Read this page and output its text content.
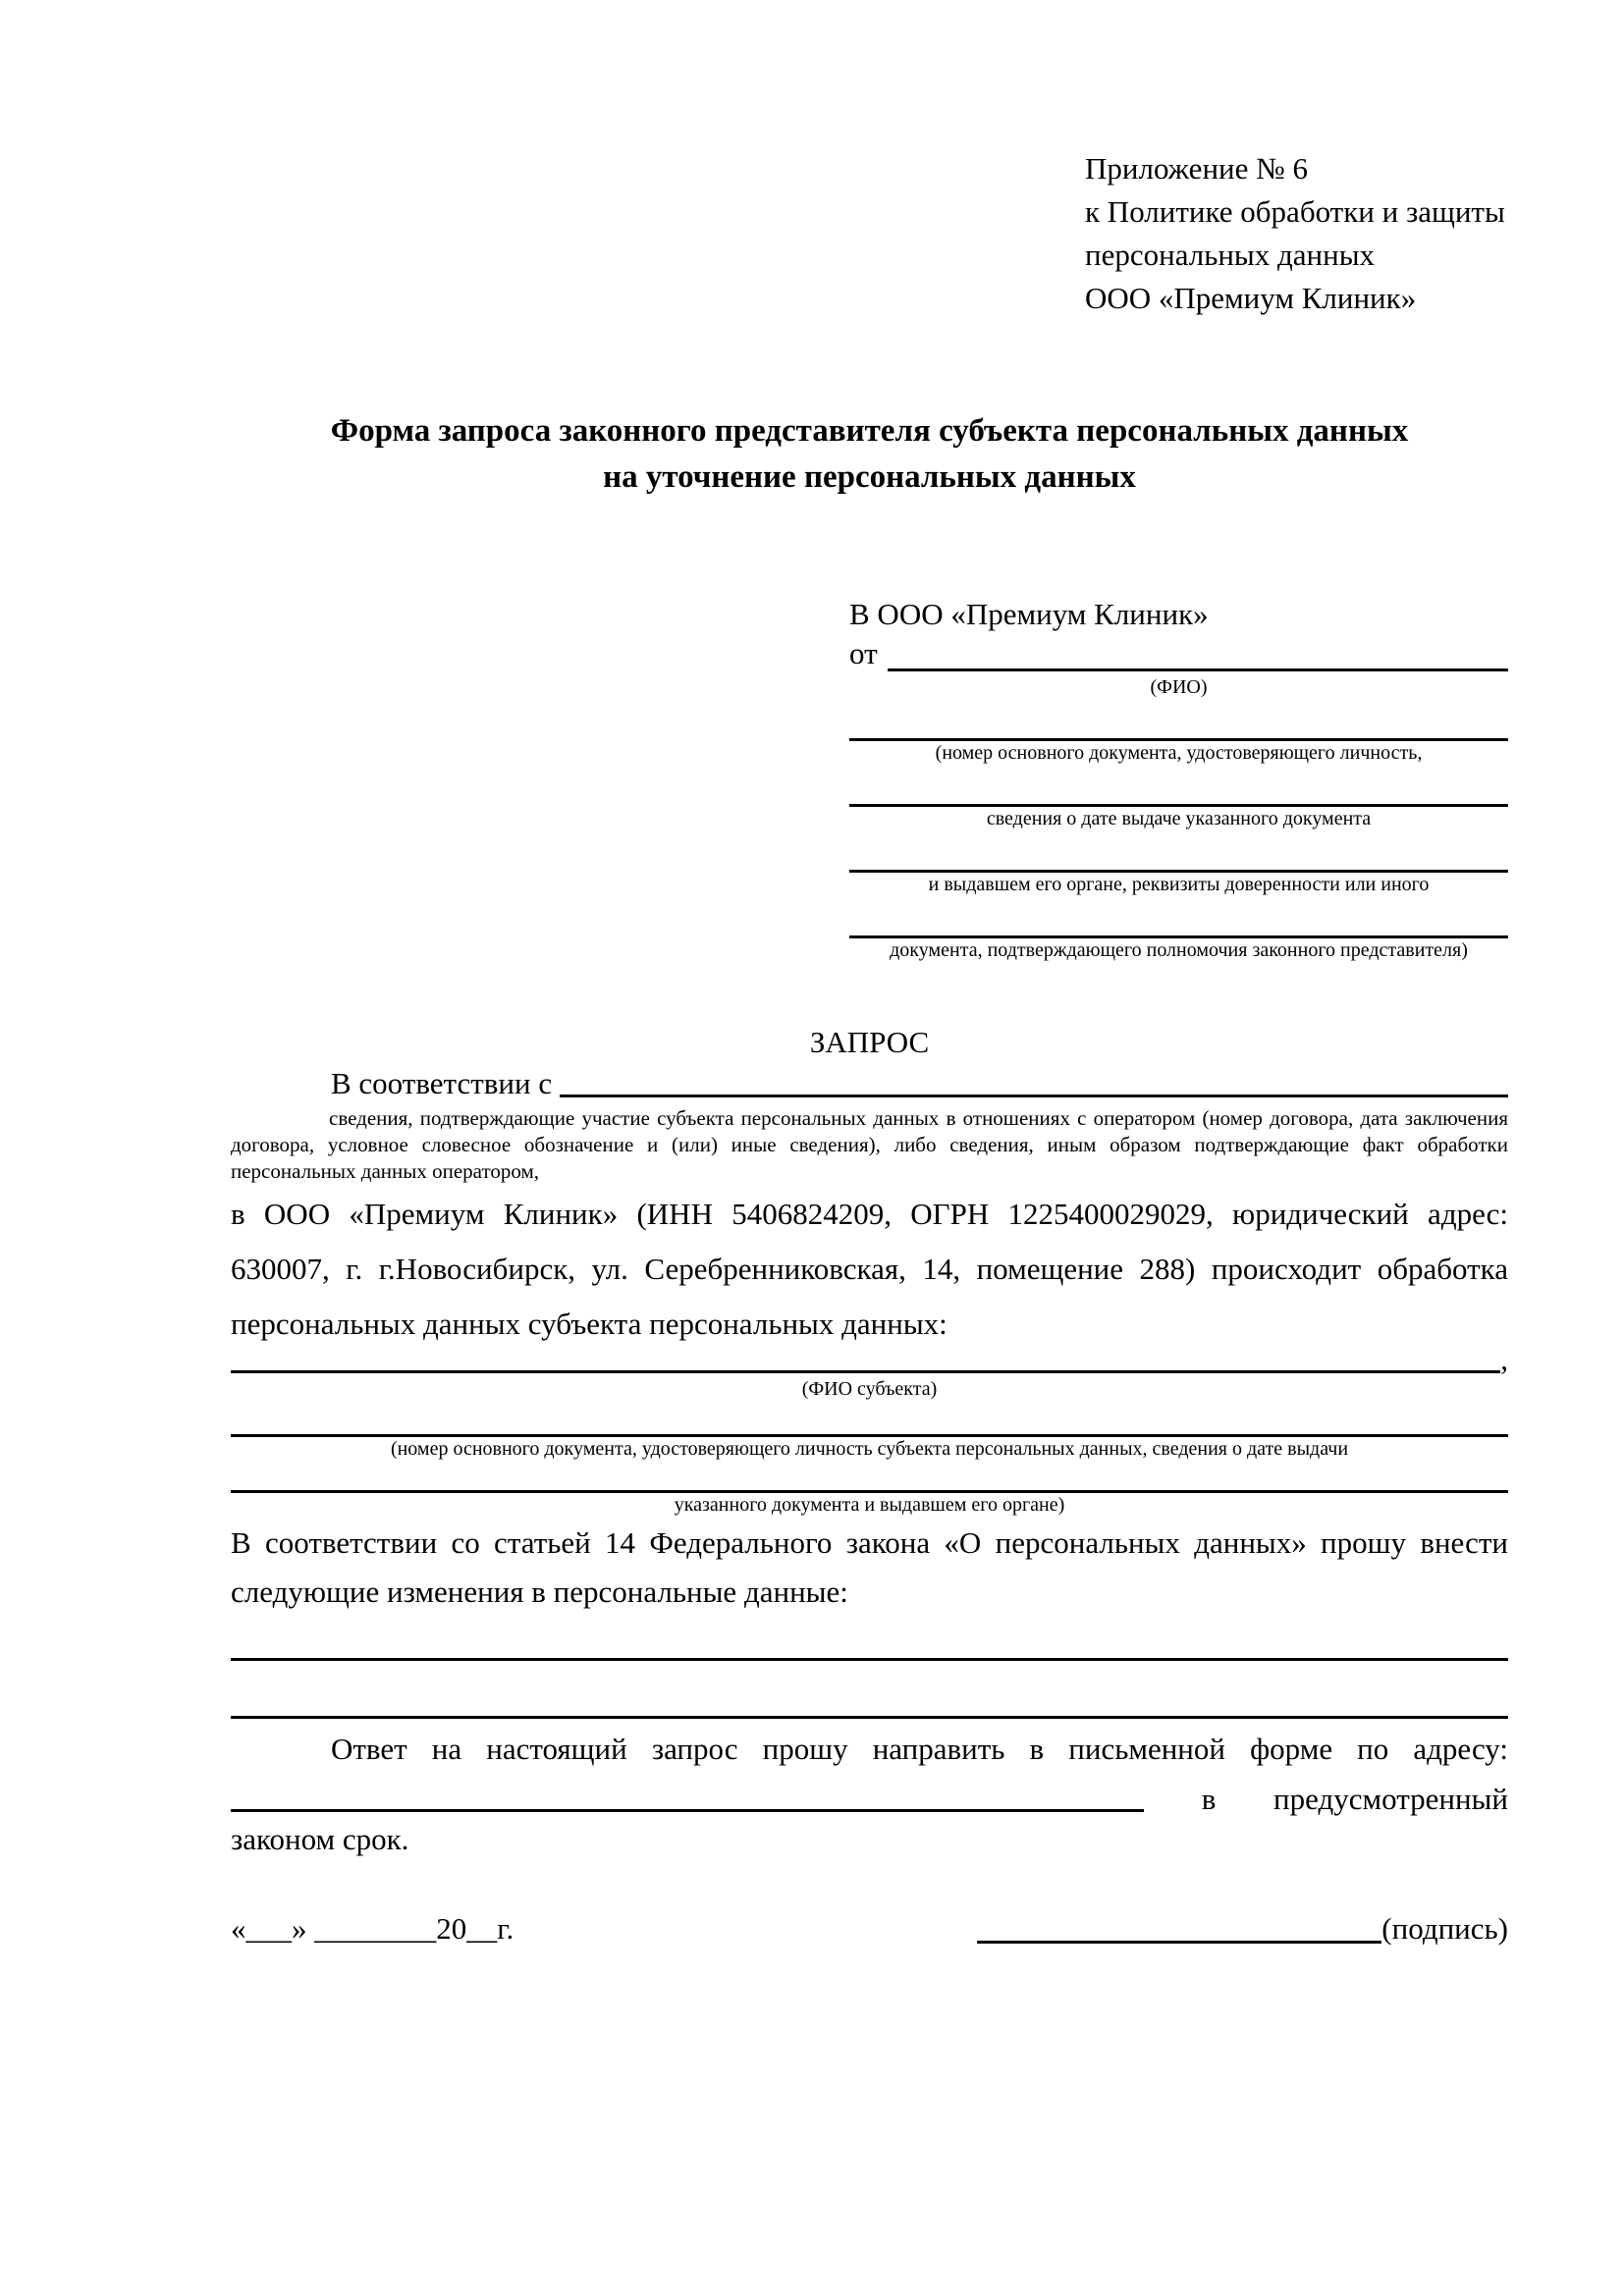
Приложение № 6
к Политике обработки и защиты
персональных данных
ООО «Премиум Клиник»
Форма запроса законного представителя субъекта персональных данных
на уточнение персональных данных
В ООО «Премиум Клиник»
от
(ФИО)
(номер основного документа, удостоверяющего личность,
сведения о дате выдаче указанного документа
и выдавшем его органе, реквизиты доверенности или иного
документа, подтверждающего полномочия законного представителя)
ЗАПРОС
В соответствии с

сведения, подтверждающие участие субъекта персональных данных в отношениях с оператором (номер договора, дата заключения договора, условное словесное обозначение и (или) иные сведения), либо сведения, иным образом подтверждающие факт обработки персональных данных оператором,

в ООО «Премиум Клиник» (ИНН 5406824209, ОГРН 1225400029029, юридический адрес: 630007, г. г.Новосибирск, ул. Серебренниковская, 14, помещение 288) происходит обработка персональных данных субъекта персональных данных:

,
(ФИО субъекта)
(номер основного документа, удостоверяющего личность субъекта персональных данных, сведения о дате выдачи
указанного документа и выдавшем его органе)

В соответствии со статьей 14 Федерального закона «О персональных данных» прошу внести следующие изменения в персональные данные:

Ответ на настоящий запрос прошу направить в письменной форме по адресу:

в предусмотренный
законом срок.
«___» ________20__г.	(подпись)
